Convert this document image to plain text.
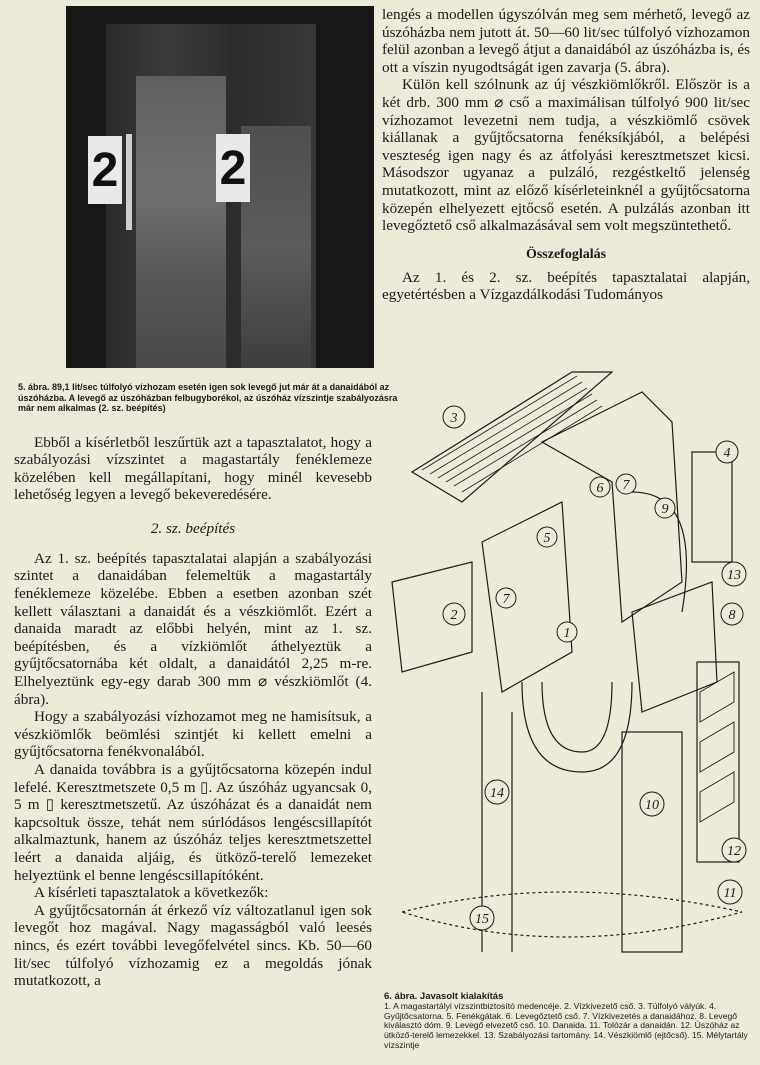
2 2
5. ábra. 89,1 lit/sec túlfolyó vízhozam esetén igen sok levegő jut már át a danaidából az úszóházba. A levegő az úszóházban felbugyborékol, az úszóház vízszintje szabályozásra már nem alkalmas (2. sz. beépítés)

Ebből a kísérletből leszűrtük azt a tapasztalatot, hogy a szabályozási vízszintet a magastartály fenéklemeze közelében kell megállapítani, hogy minél kevesebb lehetőség legyen a levegő bekeveredésére.

2. sz. beépítés

Az 1. sz. beépítés tapasztalatai alapján a szabályozási szintet a danaidában felemeltük a magastartály fenéklemeze közelébe. Ebben a esetben azonban szét kellett választani a danaidát és a vészkiömlőt. Ezért a danaida maradt az előbbi helyén, mint az 1. sz. beépítésben, és a vízkiömlőt áthelyeztük a gyűjtőcsatornába két oldalt, a danaidától 2,25 m-re. Elhelyeztünk egy-egy darab 300 mm ⌀ vészkiömlőt (4. ábra).

Hogy a szabályozási vízhozamot meg ne hamisítsuk, a vészkiömlők beömlési szintjét ki kellett emelni a gyűjtőcsatorna fenékvonalából.

A danaida továbbra is a gyűjtőcsatorna közepén indul lefelé. Keresztmetszete 0,5 m ▯. Az úszóház ugyancsak 0, 5 m ▯ keresztmetszetű. Az úszóházat és a danaidát nem kapcsoltuk össze, tehát nem súrlódásos lengéscsillapítót alkalmaztunk, hanem az úszóház teljes keresztmetszettel leért a danaida aljáig, és ütköző-terelő lemezeket helyeztünk el benne lengéscsillapítóként.

A kísérleti tapasztalatok a következők:

A gyűjtőcsatornán át érkező víz változatlanul igen sok levegőt hoz magával. Nagy magasságból való leesés nincs, és ezért további levegőfelvétel sincs. Kb. 50—60 lit/sec túlfolyó vízhozamig ez a megoldás jónak mutatkozott, a

lengés a modellen úgyszólván meg sem mérhető, levegő az úszóházba nem jutott át. 50—60 lit/sec túlfolyó vízhozamon felül azonban a levegő átjut a danaidából az úszóházba is, és ott a víszin nyugodtságát igen zavarja (5. ábra).

Külön kell szólnunk az új vészkiömlőkről. Először is a két drb. 300 mm ⌀ cső a maximálisan túlfolyó 900 lit/sec vízhozamot levezetni nem tudja, a vészkiömlő csövek kiállanak a gyűjtőcsatorna fenéksíkjából, a belépési veszteség igen nagy és az átfolyási keresztmetszet kicsi. Másodszor ugyanaz a pulzáló, rezgéstkeltő jelenség mutatkozott, mint az előző kísérleteinknél a gyűjtőcsatorna közepén elhelyezett ejtőcső esetén. A pulzálás azonban itt levegőztető cső alkalmazásával sem volt megszüntethető.

Összefoglalás

Az 1. és 2. sz. beépítés tapasztalatai alapján, egyetértésben a Vízgazdálkodási Tudományos

1
2
3
4
5
6 7
7
8
9
10
11
12
13
14
15
6. ábra. Javasolt kialakítás
1. A magastartályi vízszintbiztosító medencéje. 2. Vízkivezető cső. 3. Túlfolyó vályúk. 4. Gyűjtőcsatorna. 5. Fenékgátak. 6. Levegőztető cső. 7. Vízkivezetés a danaidához. 8. Levegő kiválasztó dóm. 9. Levegő elvezető cső. 10. Danaida. 11. Tolózár a danaidán. 12. Úszóház az ütköző-terelő lemezekkel. 13. Szabályozási tartomány. 14. Vészkiömlő (ejtőcső). 15. Mélytartály vízszintje
